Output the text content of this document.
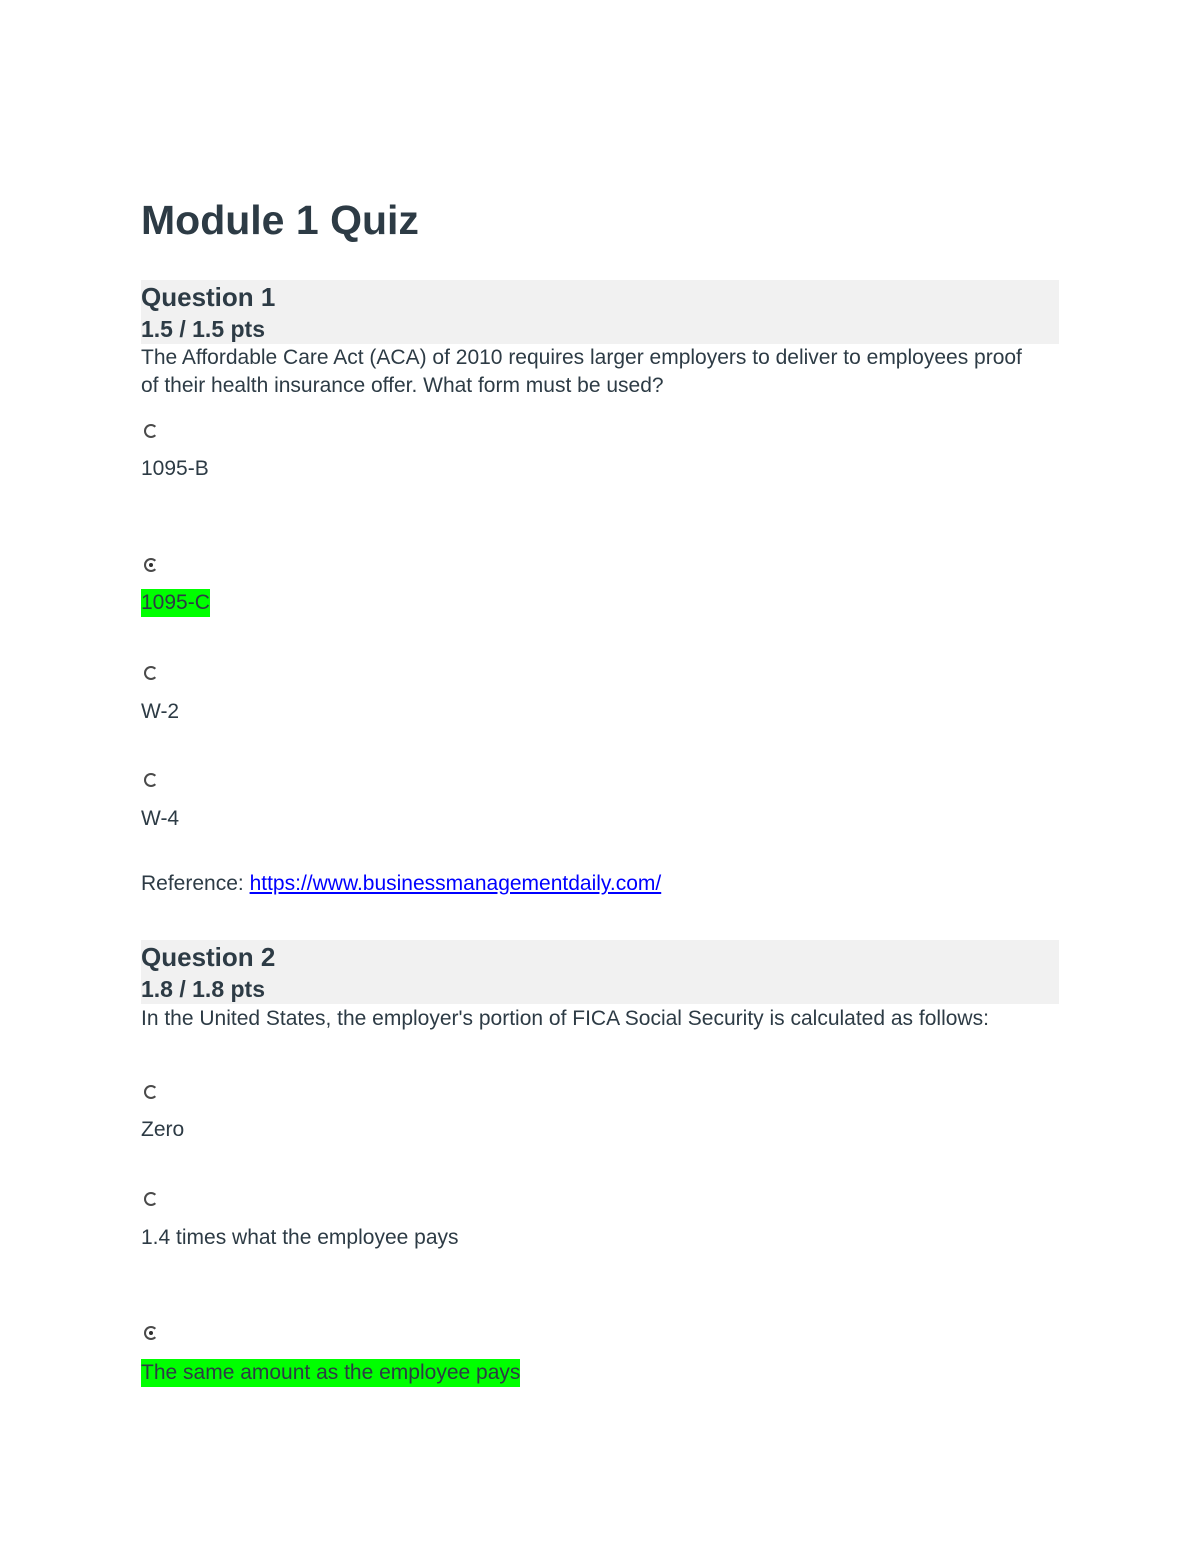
Module 1 Quiz
Question 1
1.5 / 1.5 pts
The Affordable Care Act (ACA) of 2010 requires larger employers to deliver to employees proof of their health insurance offer. What form must be used?
1095-B
1095-C
W-2
W-4
Reference: https://www.businessmanagementdaily.com/
Question 2
1.8 / 1.8 pts
In the United States, the employer's portion of FICA Social Security is calculated as follows:
Zero
1.4 times what the employee pays
The same amount as the employee pays
